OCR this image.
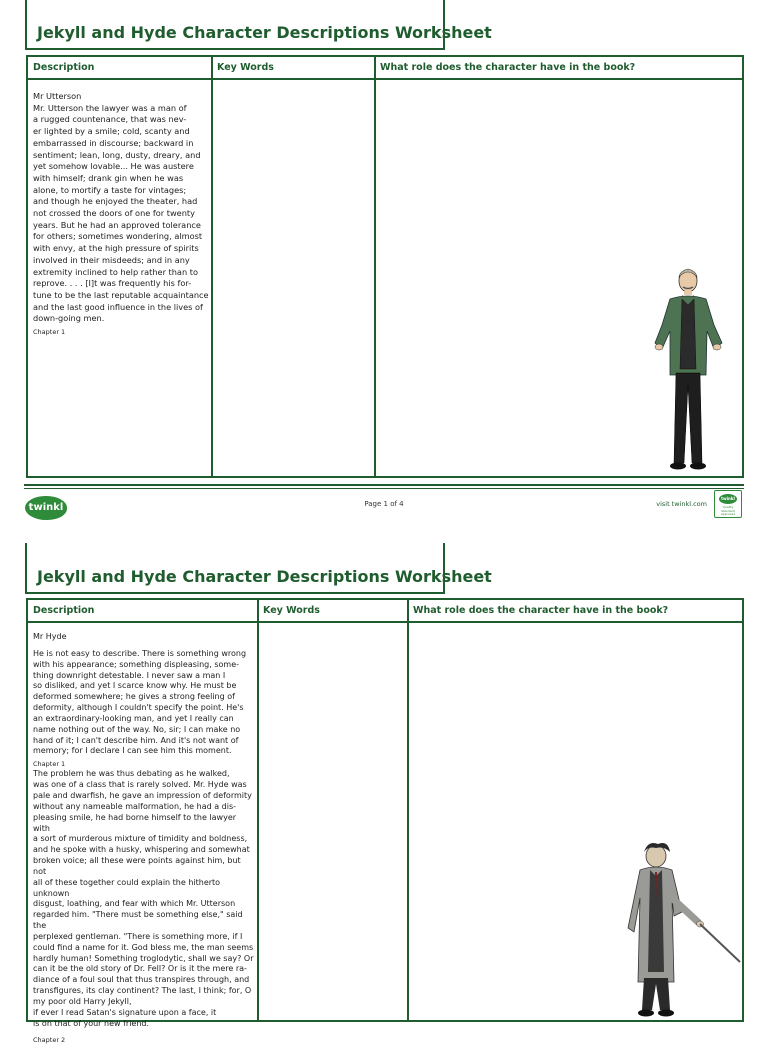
Jekyll and Hyde Character Descriptions Worksheet
Description	Key Words	What role does the character have in the book?

Mr Utterson

Mr. Utterson the lawyer was a man of
a rugged countenance, that was nev-
er lighted by a smile; cold, scanty and
embarrassed in discourse; backward in
sentiment; lean, long, dusty, dreary, and
yet somehow lovable... He was austere
with himself; drank gin when he was
alone, to mortify a taste for vintages;
and though he enjoyed the theater, had
not crossed the doors of one for twenty
years. But he had an approved tolerance
for others; sometimes wondering, almost
with envy, at the high pressure of spirits
involved in their misdeeds; and in any
extremity inclined to help rather than to
reprove. . . . [I]t was frequently his for-
tune to be the last reputable acquaintance
and the last good influence in the lives of
down-going men.

Chapter 1
twinkl	Page 1 of 4	visit twinkl.com
twinkl
Quality Standard Approved
Jekyll and Hyde Character Descriptions Worksheet
Description	Key Words	What role does the character have in the book?

Mr Hyde

He is not easy to describe. There is something wrong
with his appearance; something displeasing, some-
thing downright detestable. I never saw a man I
so disliked, and yet I scarce know why. He must be
deformed somewhere; he gives a strong feeling of
deformity, although I couldn't specify the point. He's
an extraordinary-looking man, and yet I really can
name nothing out of the way. No, sir; I can make no
hand of it; I can't describe him. And it's not want of
memory; for I declare I can see him this moment.

Chapter 1

The problem he was thus debating as he walked,
was one of a class that is rarely solved. Mr. Hyde was
pale and dwarfish, he gave an impression of deformity
without any nameable malformation, he had a dis-
pleasing smile, he had borne himself to the lawyer with
a sort of murderous mixture of timidity and boldness,
and he spoke with a husky, whispering and somewhat
broken voice; all these were points against him, but not
all of these together could explain the hitherto unknown
disgust, loathing, and fear with which Mr. Utterson
regarded him. "There must be something else," said the
perplexed gentleman. "There is something more, if I
could find a name for it. God bless me, the man seems
hardly human! Something troglodytic, shall we say? Or
can it be the old story of Dr. Fell? Or is it the mere ra-
diance of a foul soul that thus transpires through, and
transfigures, its clay continent? The last, I think; for, O
my poor old Harry Jekyll,
if ever I read Satan's signature upon a face, it
is on that of your new friend.

Chapter 2
